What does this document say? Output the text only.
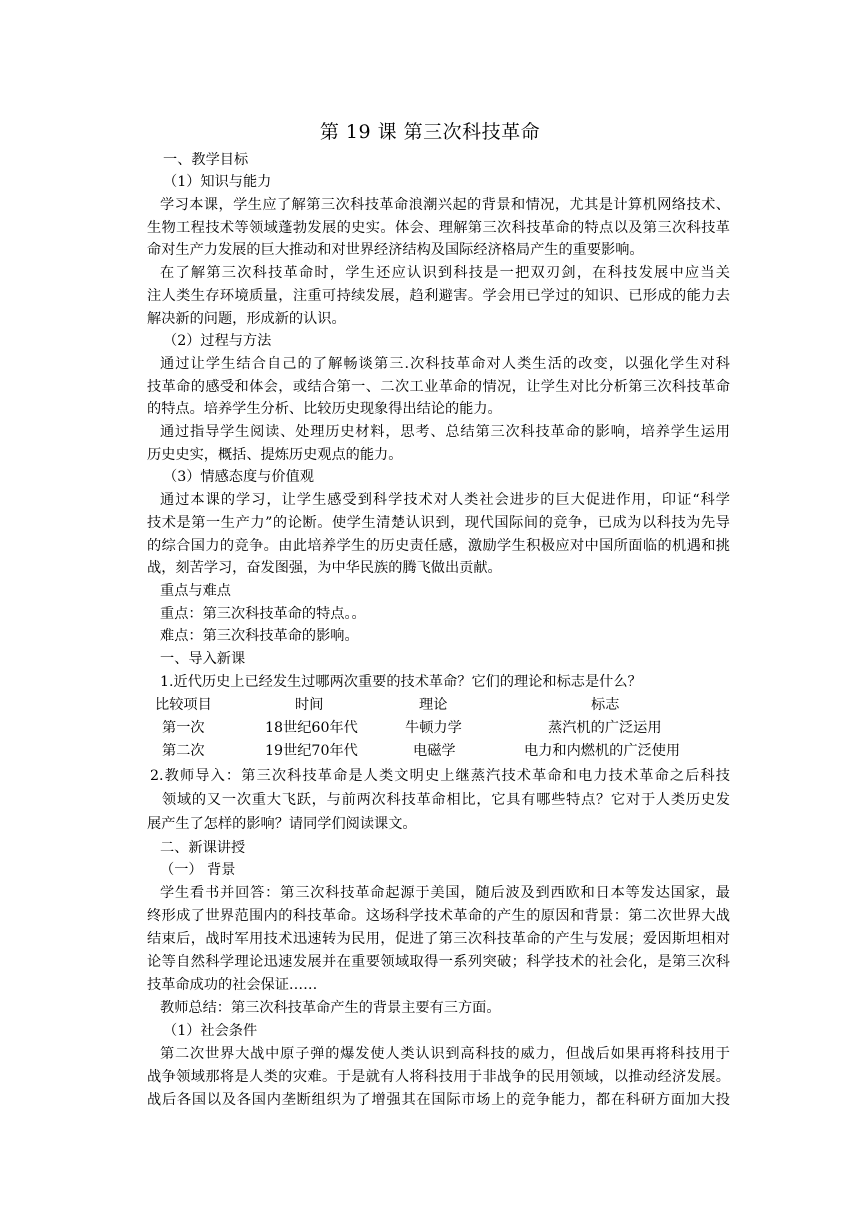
第 19 课 第三次科技革命
一、教学目标
（1）知识与能力
学习本课，学生应了解第三次科技革命浪潮兴起的背景和情况，尤其是计算机网络技术、
生物工程技术等领域蓬勃发展的史实。体会、理解第三次科技革命的特点以及第三次科技革
命对生产力发展的巨大推动和对世界经济结构及国际经济格局产生的重要影响。
在了解第三次科技革命时，学生还应认识到科技是一把双刃剑，在科技发展中应当关
注人类生存环境质量，注重可持续发展，趋利避害。学会用已学过的知识、已形成的能力去
解决新的问题，形成新的认识。
（2）过程与方法
通过让学生结合自己的了解畅谈第三.次科技革命对人类生活的改变，以强化学生对科
技革命的感受和体会，或结合第一、二次工业革命的情况，让学生对比分析第三次科技革命
的特点。培养学生分析、比较历史现象得出结论的能力。
通过指导学生阅读、处理历史材料，思考、总结第三次科技革命的影响，培养学生运用
历史史实，概括、提炼历史观点的能力。
（3）情感态度与价值观
通过本课的学习，让学生感受到科学技术对人类社会进步的巨大促进作用，印证“科学
技术是第一生产力”的论断。使学生清楚认识到，现代国际间的竞争，已成为以科技为先导
的综合国力的竞争。由此培养学生的历史责任感，激励学生积极应对中国所面临的机遇和挑
战，刻苦学习，奋发图强，为中华民族的腾飞做出贡献。
重点与难点
重点：第三次科技革命的特点。。
难点：第三次科技革命的影响。
一、导入新课
1.近代历史上已经发生过哪两次重要的技术革命？它们的理论和标志是什么？
比较项目	时间	理论	标志
第一次	18世纪60年代	牛顿力学	蒸汽机的广泛运用
第二次	19世纪70年代	电磁学	电力和内燃机的广泛使用
2.教师导入：第三次科技革命是人类文明史上继蒸汽技术革命和电力技术革命之后科技
领域的又一次重大飞跃，与前两次科技革命相比，它具有哪些特点？它对于人类历史发
展产生了怎样的影响？请同学们阅读课文。
二、新课讲授
（一） 背景
学生看书并回答：第三次科技革命起源于美国，随后波及到西欧和日本等发达国家，最
终形成了世界范围内的科技革命。这场科学技术革命的产生的原因和背景：第二次世界大战
结束后，战时军用技术迅速转为民用，促进了第三次科技革命的产生与发展；爱因斯坦相对
论等自然科学理论迅速发展并在重要领域取得一系列突破；科学技术的社会化，是第三次科
技革命成功的社会保证……
教师总结：第三次科技革命产生的背景主要有三方面。
（1）社会条件
第二次世界大战中原子弹的爆发使人类认识到高科技的威力，但战后如果再将科技用于
战争领域那将是人类的灾难。于是就有人将科技用于非战争的民用领域，以推动经济发展。
战后各国以及各国内垄断组织为了增强其在国际市场上的竞争能力，都在科研方面加大投
